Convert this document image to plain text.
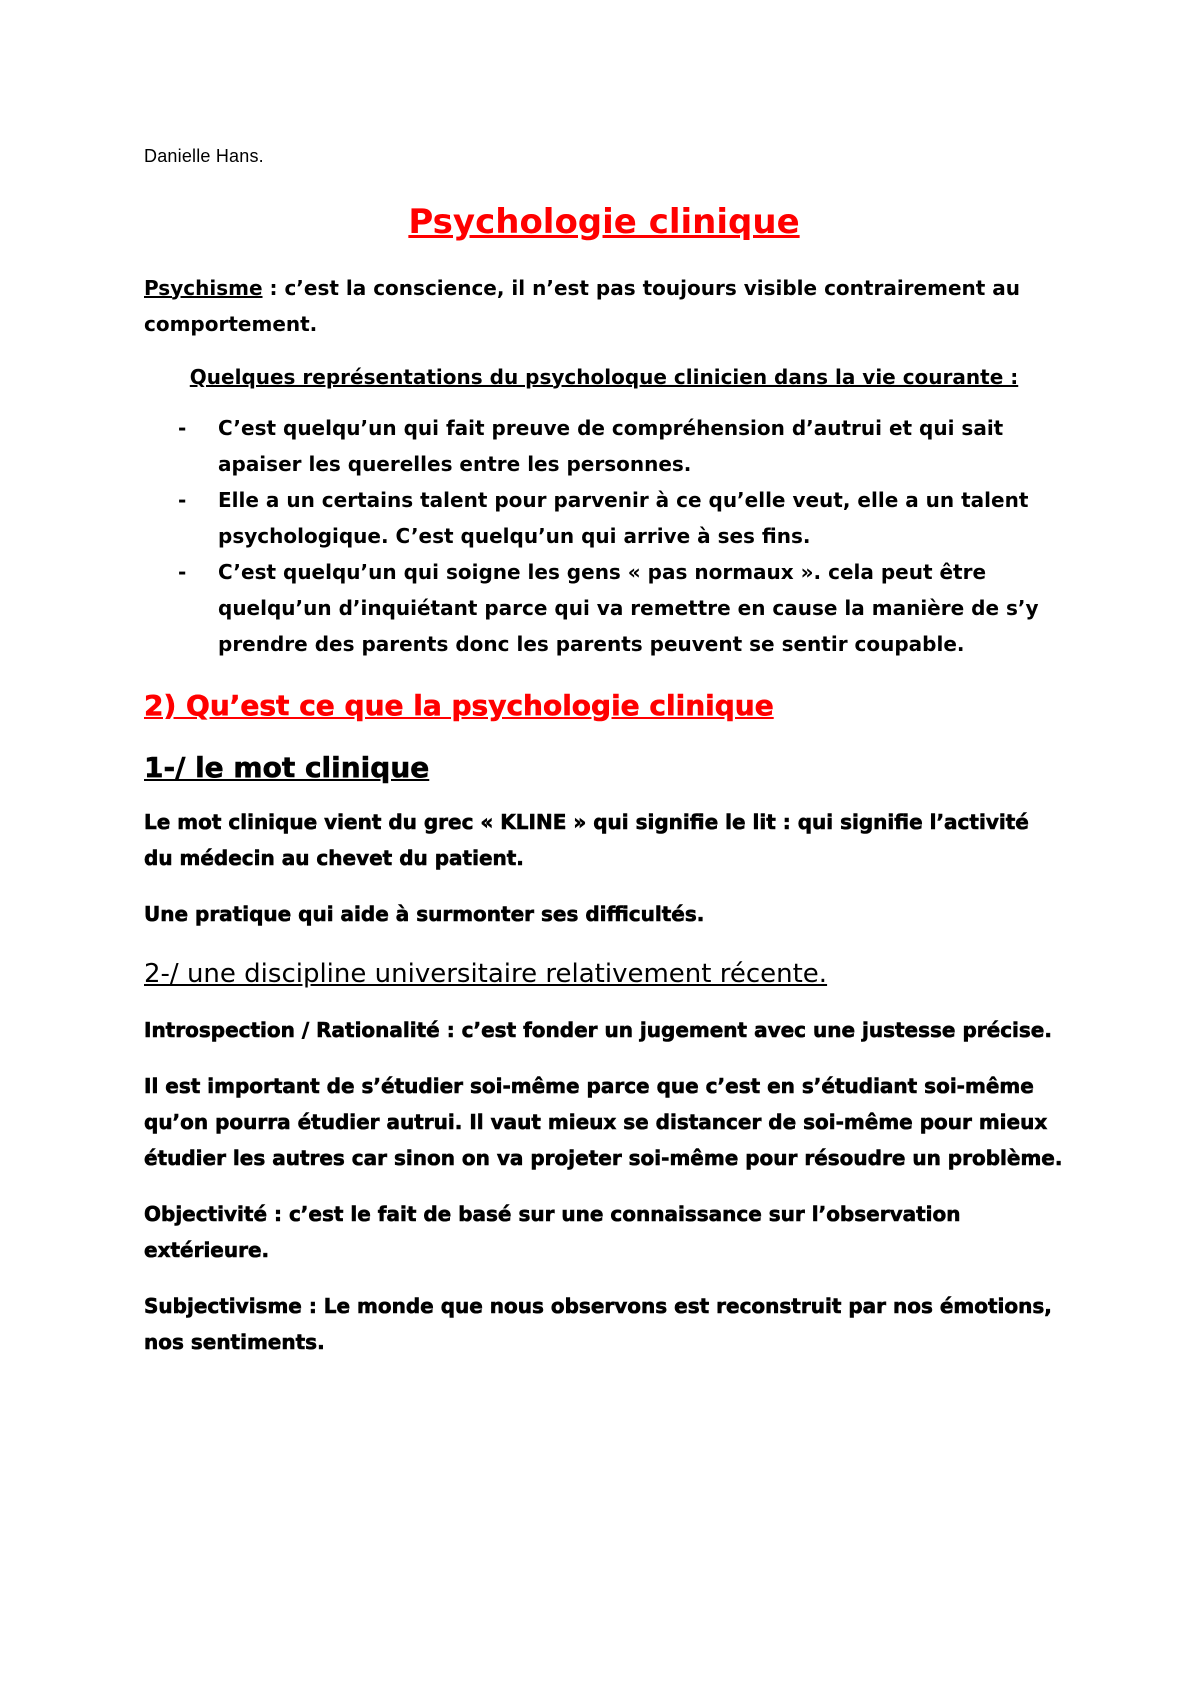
Danielle Hans.
Psychologie clinique

Psychisme : c’est la conscience, il n’est pas toujours visible contrairement au comportement.

Quelques représentations du psycholoque clinicien dans la vie courante :

- C’est quelqu’un qui fait preuve de compréhension d’autrui et qui sait apaiser les querelles entre les personnes.
- Elle a un certains talent pour parvenir à ce qu’elle veut, elle a un talent psychologique. C’est quelqu’un qui arrive à ses fins.
- C’est quelqu’un qui soigne les gens « pas normaux ». cela peut être quelqu’un d’inquiétant parce qui va remettre en cause la manière de s’y prendre des parents donc les parents peuvent se sentir coupable.
2) Qu’est ce que la psychologie clinique
1-/ le mot clinique

Le mot clinique vient du grec « KLINE » qui signifie le lit : qui signifie l’activité du médecin au chevet du patient.

Une pratique qui aide à surmonter ses difficultés.

2-/ une discipline universitaire relativement récente.

Introspection / Rationalité : c’est fonder un jugement avec une justesse précise.

Il est important de s’étudier soi-même parce que c’est en s’étudiant soi-même qu’on pourra étudier autrui. Il vaut mieux se distancer de soi-même pour mieux étudier les autres car sinon on va projeter soi-même pour résoudre un problème.

Objectivité : c’est le fait de basé sur une connaissance sur l’observation extérieure.

Subjectivisme : Le monde que nous observons est reconstruit par nos émotions, nos sentiments.
